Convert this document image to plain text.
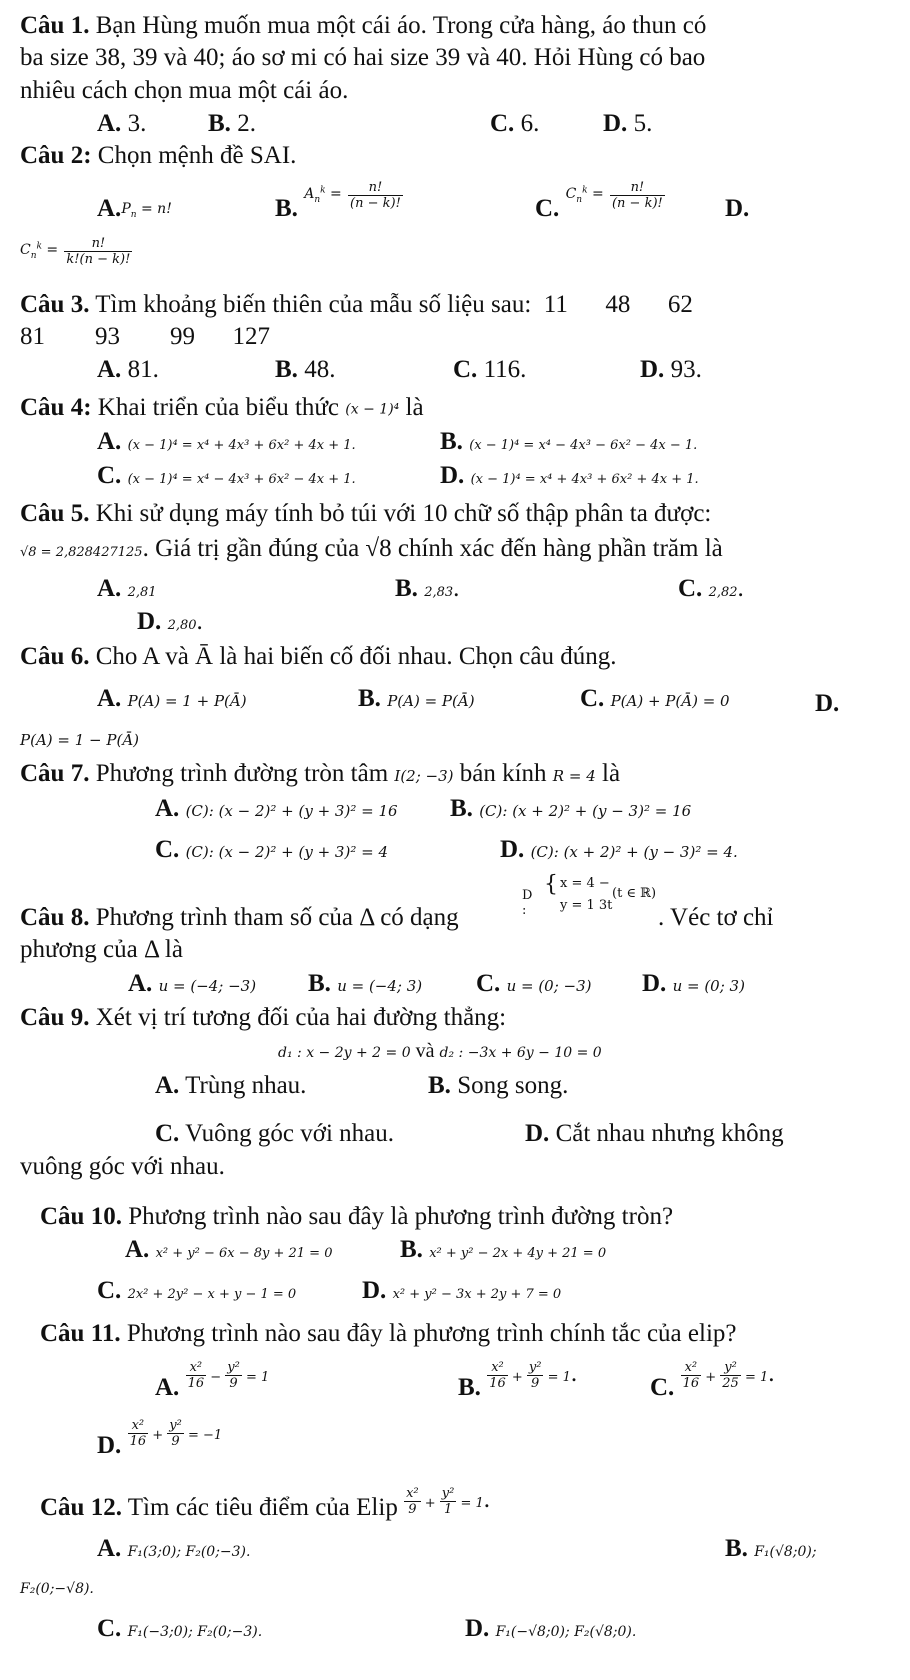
Câu 1. Bạn Hùng muốn mua một cái áo. Trong cửa hàng, áo thun có
ba size 38, 39 và 40; áo sơ mi có hai size 39 và 40. Hỏi Hùng có bao
nhiêu cách chọn mua một cái áo.
A. 3. B. 2.	C. 6.	D. 5.
Câu 2: Chọn mệnh đề SAI.
$A.P_n = n$!	B. $A_n^k = \frac{n!}{(n - k)!}$	C. $C_n^k = \frac{n!}{(n - k)!} D$.
$C_n^k = \frac{n!}{k!(n - k)!}$
Câu 3. Tìm khoảng biến thiên của mẫu số liệu sau:  11      48      62
81        93        99      127
A. 81.	B. 48.	C. 116.	D. 93.
Câu 4: Khai triển của biểu thức (x − 1)⁴ là
A. (x − 1)⁴ = x⁴ + 4x³ + 6x² + 4x + 1.	B. (x − 1)⁴ = x⁴ − 4x³ − 6x² − 4x − 1.
C. (x − 1)⁴ = x⁴ − 4x³ + 6x² − 4x + 1.	D. (x − 1)⁴ = x⁴ + 4x³ + 6x² + 4x + 1.
Câu 5. Khi sử dụng máy tính bỏ túi với 10 chữ số thập phân ta được:
√8 = 2,828427125. Giá trị gần đúng của √8 chính xác đến hàng phần trăm là
A. 2,81	B. 2,83.	C. 2,82.
D. 2,80.
Câu 6. Cho A và Ā là hai biến cố đối nhau. Chọn câu đúng.
A. P(A) = 1 + P(Ā)	B. P(A) = P(Ā)	C. P(A) + P(Ā) = 0	D.
P(A) = 1 − P(Ā)
Câu 7. Phương trình đường tròn tâm I(2; −3) bán kính R = 4 là
A. (C): (x − 2)² + (y + 3)² = 16 B. (C): (x + 2)² + (y − 3)² = 16
C. (C): (x − 2)² + (y + 3)² = 4	D. (C): (x + 2)² + (y − 3)² = 4.
Câu 8. Phương trình tham số của Δ có dạng
D :
{ x = 4 −
y = 1 3t
(t ∈ ℝ)
. Véc tơ chỉ
phương của Δ là
A. u = (−4; −3) B. u = (−4; 3) C. u = (0; −3) D. u = (0; 3)
Câu 9. Xét vị trí tương đối của hai đường thẳng:
d₁ : x − 2y + 2 = 0 và d₂ : −3x + 6y − 10 = 0
A. Trùng nhau.	B. Song song.
C. Vuông góc với nhau.	D. Cắt nhau nhưng không
vuông góc với nhau.
Câu 10. Phương trình nào sau đây là phương trình đường tròn?
A. x² + y² − 6x − 8y + 21 = 0	B. x² + y² − 2x + 4y + 21 = 0
C. 2x² + 2y² − x + y − 1 = 0	D. x² + y² − 3x + 2y + 7 = 0
Câu 11. Phương trình nào sau đây là phương trình chính tắc của elip?
A. $\frac{\text{x²}}{16} - \frac{\text{y²}}{9} = 1$	B. $\frac{\text{x²}}{16} + \frac{\text{y²}}{9} = 1$.
C. $\frac{\text{x²}}{16} + \frac{\text{y²}}{25} = 1$.
D. $\frac{\text{x²}}{16} + \frac{\text{y²}}{9} = -1$
Câu 12. Tìm các tiêu điểm của Elip $\frac{\text{x²}}{9} + \frac{\text{y²}}{1} = 1$.
A. F₁(3;0); F₂(0;−3).	B. F₁(√8;0);
F₂(0;−√8).
C. F₁(−3;0); F₂(0;−3).	D. F₁(−√8;0); F₂(√8;0).
